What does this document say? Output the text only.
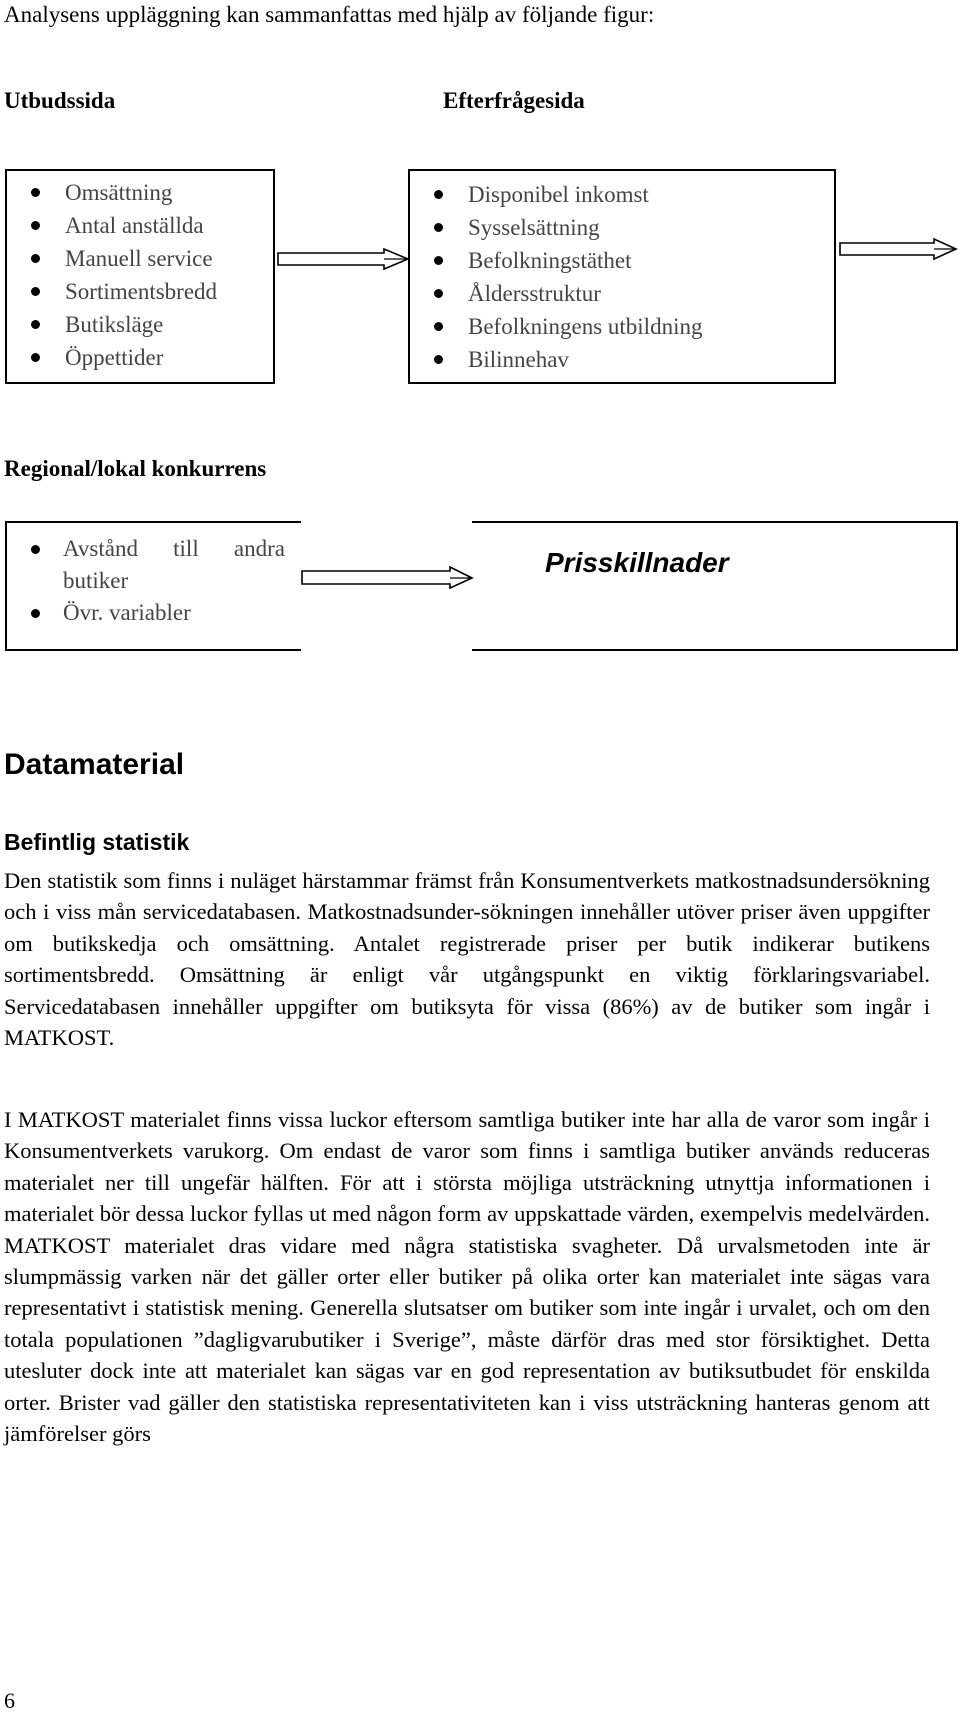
Analysens uppläggning kan sammanfattas med hjälp av följande figur:
Utbudssida	Efterfrågesida
Omsättning
Antal anställda
Manuell service
Sortimentsbredd
Butiksläge
Öppettider
Disponibel inkomst
Sysselsättning
Befolkningstäthet
Åldersstruktur
Befolkningens utbildning
Bilinnehav
Regional/lokal konkurrens
Avstånd till andra
butiker
Övr. variabler
Prisskillnader
Datamaterial
Befintlig statistik
Den statistik som finns i nuläget härstammar främst från Konsumentverkets matkostnadsundersökning och i viss mån servicedatabasen. Matkostnadsunder-sökningen innehåller utöver priser även uppgifter om butikskedja och omsättning. Antalet registrerade priser per butik indikerar butikens sortimentsbredd. Omsättning är enligt vår utgångspunkt en viktig förklaringsvariabel. Servicedatabasen innehåller uppgifter om butiksyta för vissa (86%) av de butiker som ingår i MATKOST.
I MATKOST materialet finns vissa luckor eftersom samtliga butiker inte har alla de varor som ingår i Konsumentverkets varukorg. Om endast de varor som finns i samtliga butiker används reduceras materialet ner till ungefär hälften. För att i största möjliga utsträckning utnyttja informationen i materialet bör dessa luckor fyllas ut med någon form av uppskattade värden, exempelvis medelvärden. MATKOST materialet dras vidare med några statistiska svagheter. Då urvalsmetoden inte är slumpmässig varken när det gäller orter eller butiker på olika orter kan materialet inte sägas vara representativt i statistisk mening. Generella slutsatser om butiker som inte ingår i urvalet, och om den totala populationen ”dagligvarubutiker i Sverige”, måste därför dras med stor försiktighet. Detta utesluter dock inte att materialet kan sägas var en god representation av butiksutbudet för enskilda orter. Brister vad gäller den statistiska representativiteten kan i viss utsträckning hanteras genom att jämförelser görs
6
